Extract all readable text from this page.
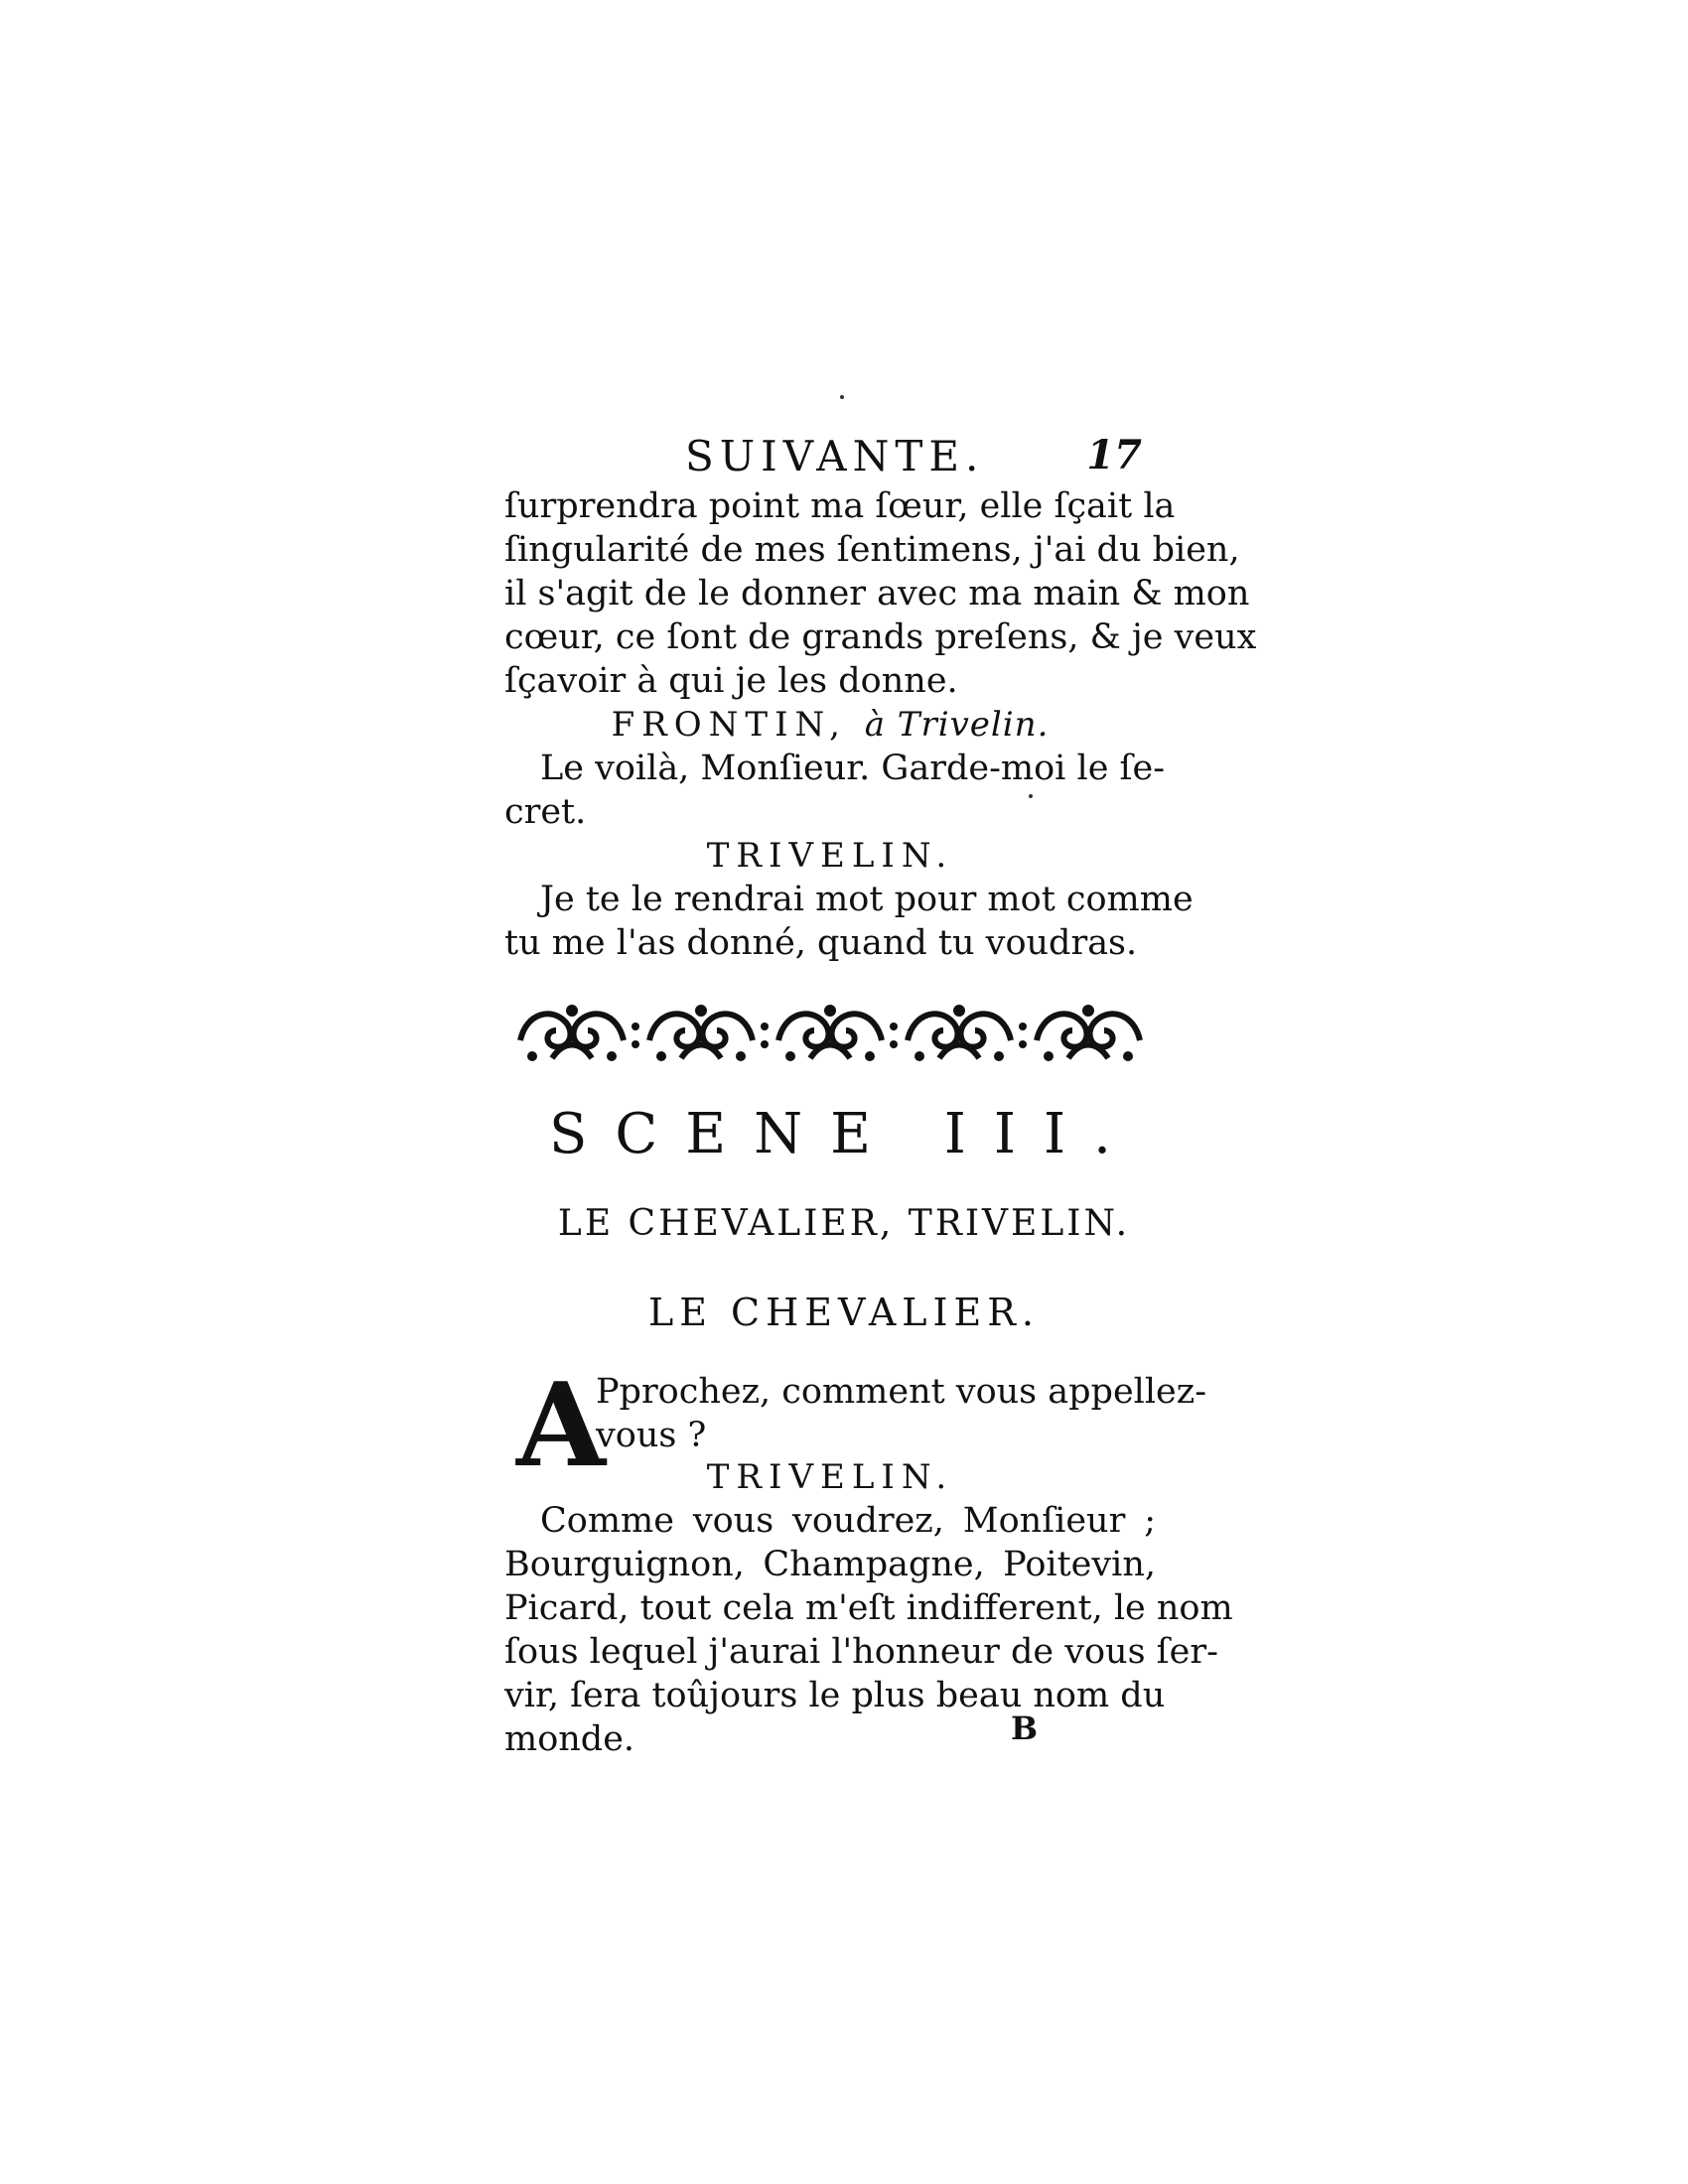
SUIVANTE.	17
ſurprendra point ma ſœur, elle ſçait la
ſingularité de mes ſentimens, j'ai du bien,
il s'agit de le donner avec ma main & mon
cœur, ce ſont de grands preſens, & je veux
ſçavoir à qui je les donne.
FRONTIN, à Trivelin.
Le voilà, Monſieur. Garde-moi le ſe-
cret.
TRIVELIN.
Je te le rendrai mot pour mot comme
tu me l'as donné, quand tu voudras.
SCENE III.
LE CHEVALIER, TRIVELIN.
LE CHEVALIER.
A
Pprochez, comment vous appellez-
vous ?
TRIVELIN.
Comme vous voudrez, Monſieur ;
Bourguignon, Champagne, Poitevin,
Picard, tout cela m'eſt indifferent, le nom
ſous lequel j'aurai l'honneur de vous ſer-
vir, ſera toûjours le plus beau nom du
monde.	B
